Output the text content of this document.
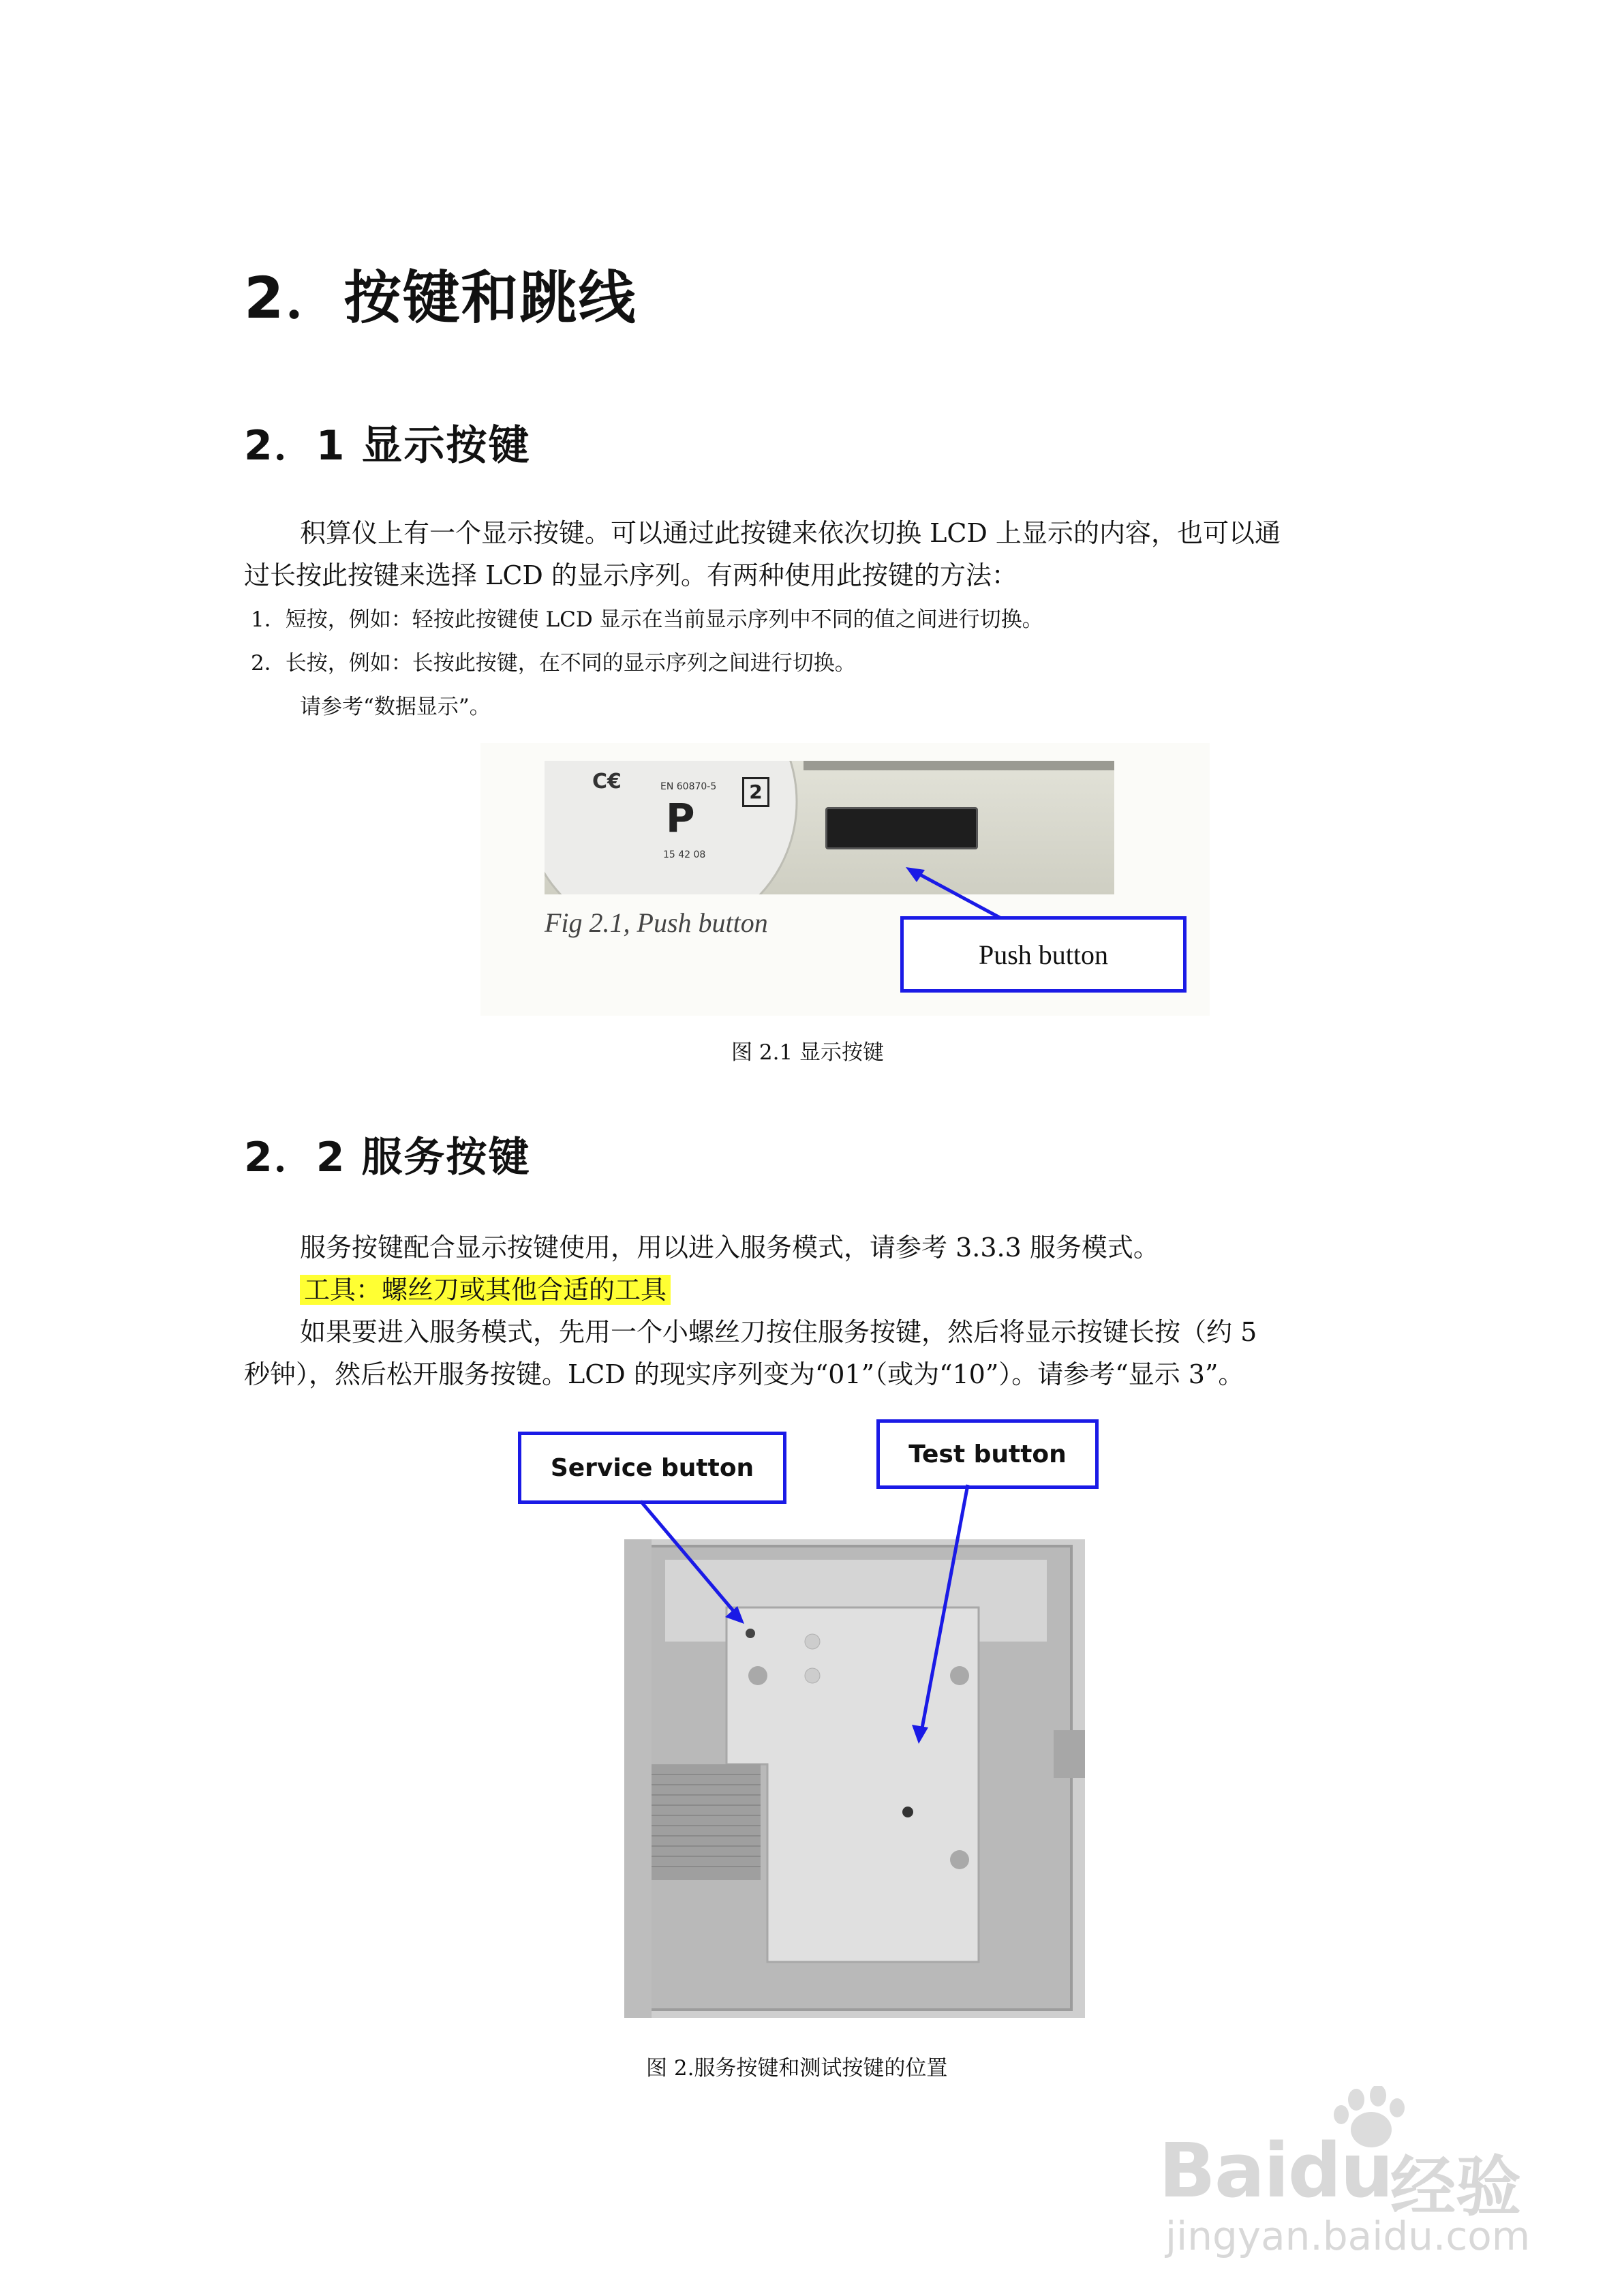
2．按键和跳线
2．1 显示按键
积算仪上有一个显示按键。可以通过此按键来依次切换 LCD 上显示的内容，也可以通
过长按此按键来选择 LCD 的显示序列。有两种使用此按键的方法：
1．短按，例如：轻按此按键使 LCD 显示在当前显示序列中不同的值之间进行切换。
2．长按，例如：长按此按键，在不同的显示序列之间进行切换。
请参考“数据显示”。
C€	EN 60870-5
P
15 42 08
2
Fig 2.1, Push button
Push button
图 2.1 显示按键
2．2 服务按键
服务按键配合显示按键使用，用以进入服务模式，请参考 3.3.3 服务模式。
工具：螺丝刀或其他合适的工具
如果要进入服务模式，先用一个小螺丝刀按住服务按键，然后将显示按键长按（约 5
秒钟），然后松开服务按键。LCD 的现实序列变为“01”（或为“10”）。请参考“显示 3”。
Service button	Test button
图 2.服务按键和测试按键的位置
Baidu
经验
jingyan.baidu.com
